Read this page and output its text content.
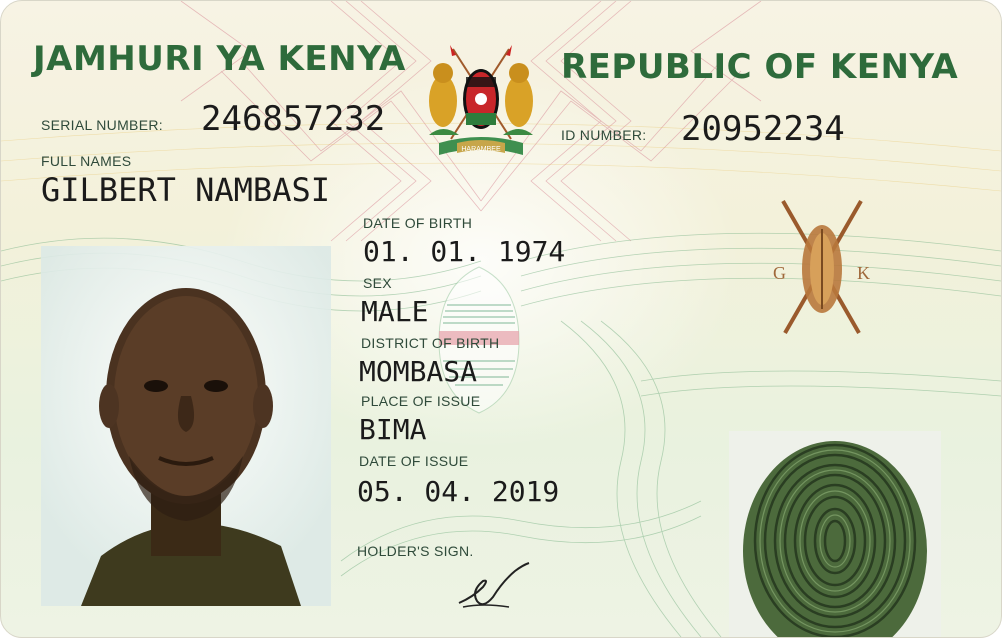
JAMHURI YA KENYA	REPUBLIC OF KENYA
HARAMBEE
SERIAL NUMBER: 246857232	ID NUMBER: 20952234
FULL NAMES
GILBERT NAMBASI
DATE OF BIRTH
01. 01. 1974
SEX
MALE
DISTRICT OF BIRTH
MOMBASA
PLACE OF ISSUE
BIMA
DATE OF ISSUE
05. 04. 2019
HOLDER'S SIGN.
G	K
